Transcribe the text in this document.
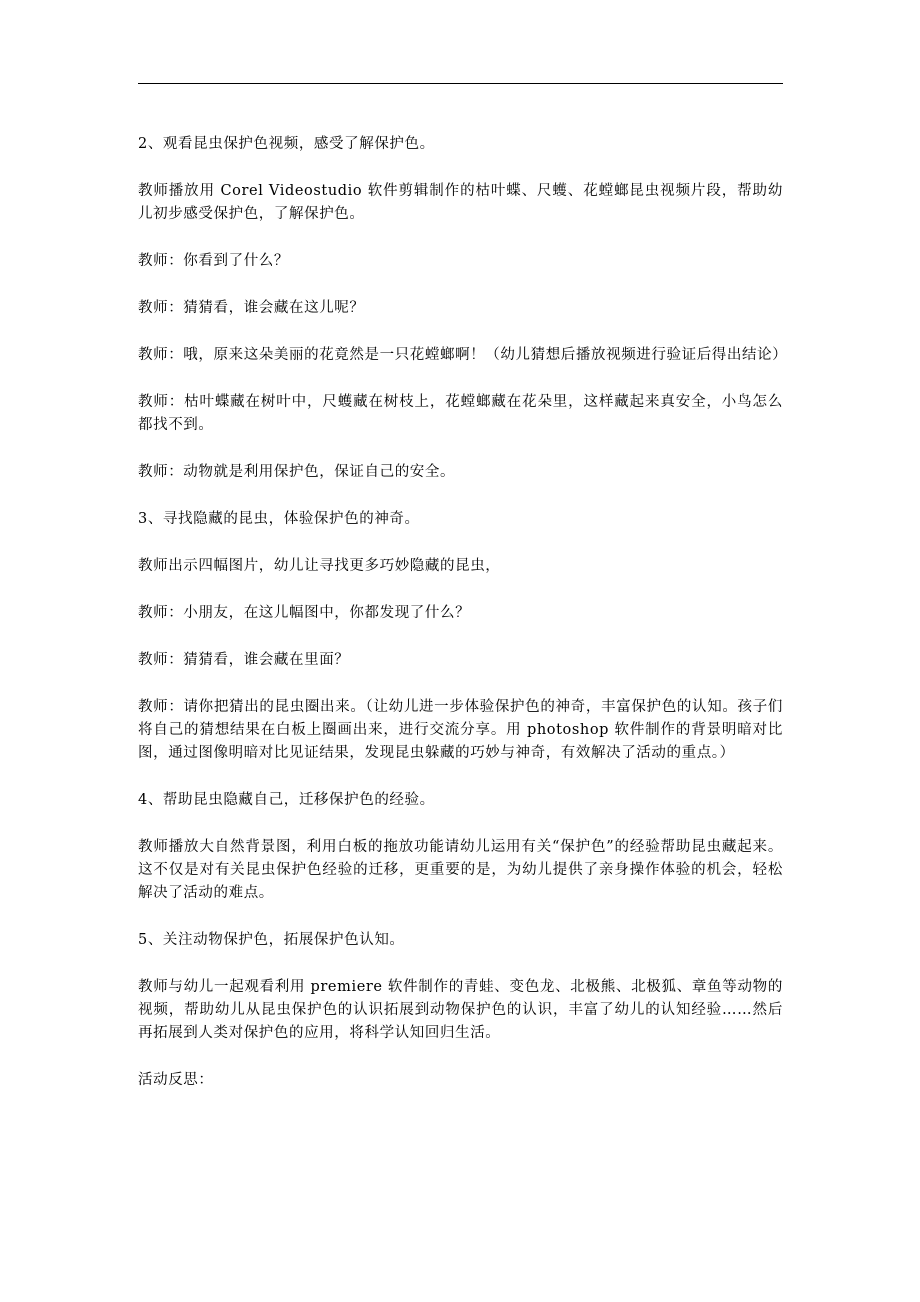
2、观看昆虫保护色视频，感受了解保护色。

教师播放用 Corel Videostudio 软件剪辑制作的枯叶蝶、尺蠖、花螳螂昆虫视频片段，帮助幼儿初步感受保护色，了解保护色。

教师：你看到了什么？

教师：猜猜看，谁会藏在这儿呢？

教师：哦，原来这朵美丽的花竟然是一只花螳螂啊！（幼儿猜想后播放视频进行验证后得出结论）

教师：枯叶蝶藏在树叶中，尺蠖藏在树枝上，花螳螂藏在花朵里，这样藏起来真安全，小鸟怎么都找不到。

教师：动物就是利用保护色，保证自己的安全。

3、寻找隐藏的昆虫，体验保护色的神奇。

教师出示四幅图片，幼儿让寻找更多巧妙隐藏的昆虫，

教师：小朋友，在这儿幅图中，你都发现了什么？

教师：猜猜看，谁会藏在里面？

教师：请你把猜出的昆虫圈出来。（让幼儿进一步体验保护色的神奇，丰富保护色的认知。孩子们将自己的猜想结果在白板上圈画出来，进行交流分享。用 photoshop 软件制作的背景明暗对比图，通过图像明暗对比见证结果，发现昆虫躲藏的巧妙与神奇，有效解决了活动的重点。）

4、帮助昆虫隐藏自己，迁移保护色的经验。

教师播放大自然背景图，利用白板的拖放功能请幼儿运用有关“保护色”的经验帮助昆虫藏起来。这不仅是对有关昆虫保护色经验的迁移，更重要的是，为幼儿提供了亲身操作体验的机会，轻松解决了活动的难点。

5、关注动物保护色，拓展保护色认知。

教师与幼儿一起观看利用 premiere 软件制作的青蛙、变色龙、北极熊、北极狐、章鱼等动物的视频，帮助幼儿从昆虫保护色的认识拓展到动物保护色的认识，丰富了幼儿的认知经验……然后再拓展到人类对保护色的应用，将科学认知回归生活。

活动反思：
